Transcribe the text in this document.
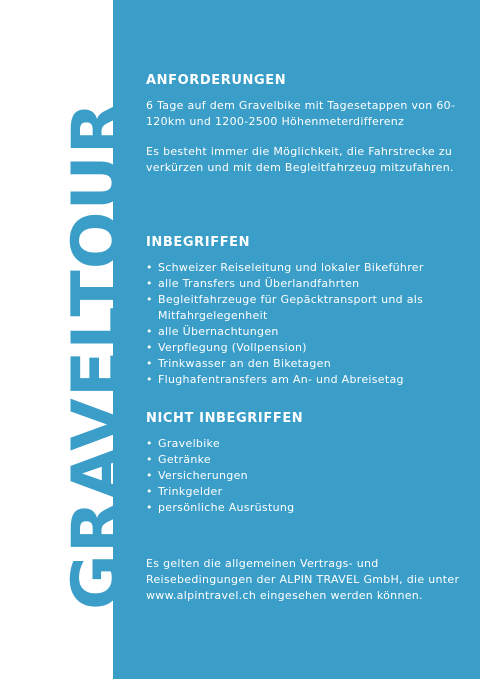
GRAVELTOUR
ANFORDERUNGEN

6 Tage auf dem Gravelbike mit Tagesetappen von 60-120km und 1200-2500 Höhenmeterdifferenz

Es besteht immer die Möglichkeit, die Fahrstrecke zu verkürzen und mit dem Begleitfahrzeug mitzufahren.

INBEGRIFFEN
• Schweizer Reiseleitung und lokaler Bikeführer
• alle Transfers und Überlandfahrten
• Begleitfahrzeuge für Gepäcktransport und als Mitfahrgelegenheit
• alle Übernachtungen
• Verpflegung (Vollpension)
• Trinkwasser an den Biketagen
• Flughafentransfers am An- und Abreisetag
NICHT INBEGRIFFEN
• Gravelbike
• Getränke
• Versicherungen
• Trinkgelder
• persönliche Ausrüstung

Es gelten die allgemeinen Vertrags- und Reisebedingungen der ALPIN TRAVEL GmbH, die unter www.alpintravel.ch eingesehen werden können.
